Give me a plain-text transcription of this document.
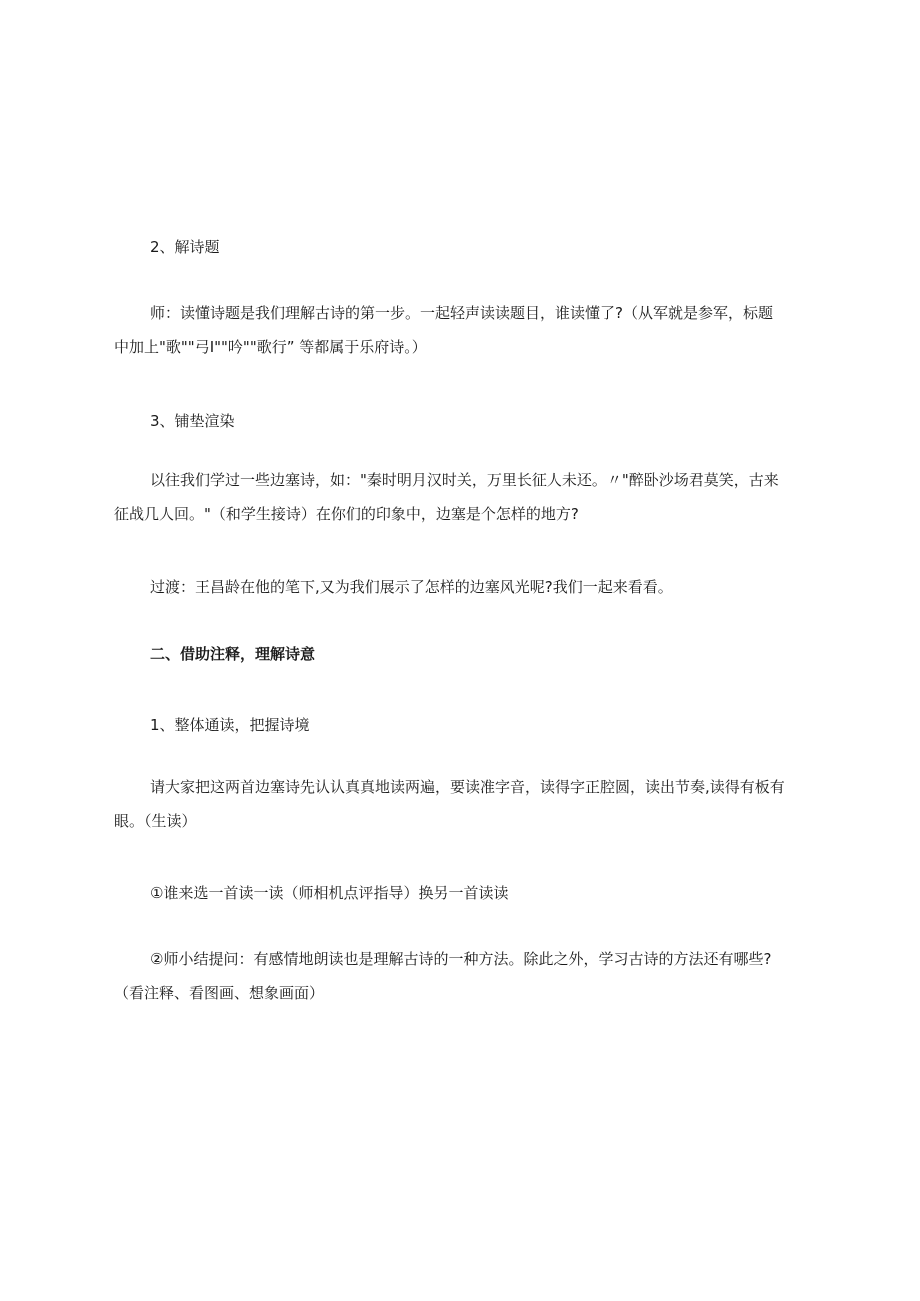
2、解诗题

师：读懂诗题是我们理解古诗的第一步。一起轻声读读题目，谁读懂了?（从军就是参军，标题
中加上"歌""弓I""吟""歌行” 等都属于乐府诗。）

3、铺垫渲染

以往我们学过一些边塞诗，如："秦时明月汉时关，万里长征人未还。〃"醉卧沙场君莫笑，古来
征战几人回。"（和学生接诗）在你们的印象中，边塞是个怎样的地方?

过渡：王昌龄在他的笔下,又为我们展示了怎样的边塞风光呢?我们一起来看看。

二、借助注释，理解诗意

1、整体通读，把握诗境

请大家把这两首边塞诗先认认真真地读两遍，要读准字音，读得字正腔圆，读出节奏,读得有板有
眼。（生读）

①谁来选一首读一读（师相机点评指导）换另一首读读

②师小结提问：有感情地朗读也是理解古诗的一种方法。除此之外，学习古诗的方法还有哪些?
（看注释、看图画、想象画面）
